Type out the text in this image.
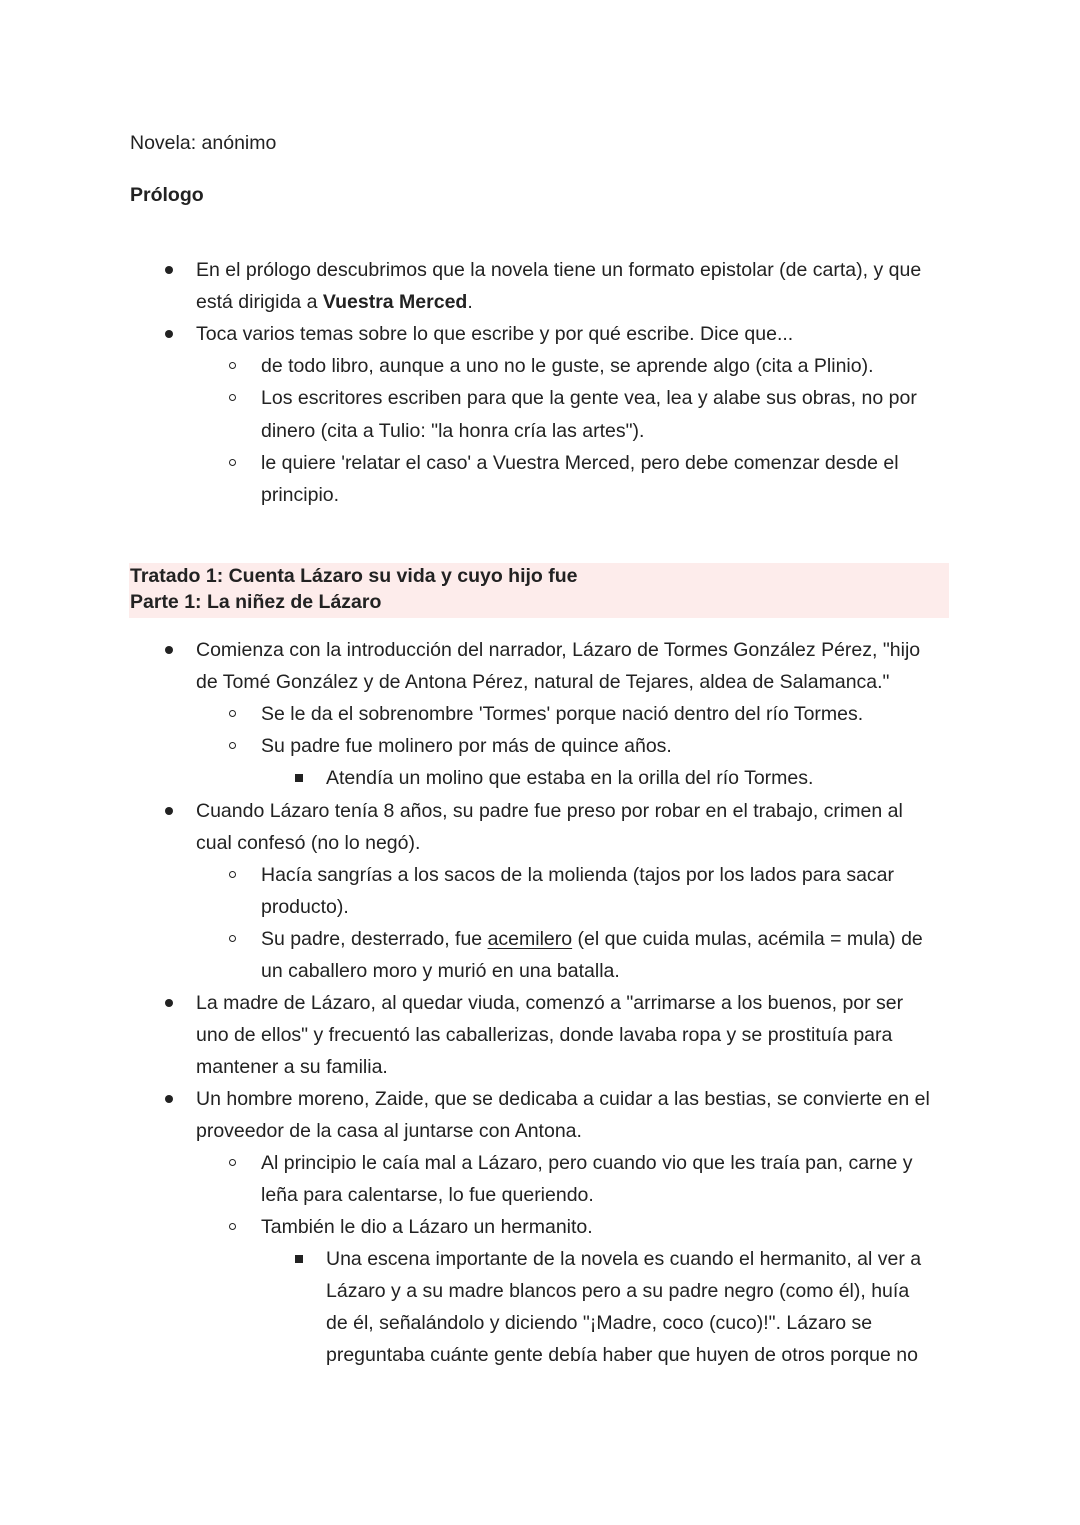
Novela: anónimo
Prólogo
En el prólogo descubrimos que la novela tiene un formato epistolar (de carta), y que
está dirigida a Vuestra Merced.
Toca varios temas sobre lo que escribe y por qué escribe. Dice que...
de todo libro, aunque a uno no le guste, se aprende algo (cita a Plinio).
Los escritores escriben para que la gente vea, lea y alabe sus obras, no por
dinero (cita a Tulio: "la honra cría las artes").
le quiere 'relatar el caso' a Vuestra Merced, pero debe comenzar desde el
principio.
Tratado 1: Cuenta Lázaro su vida y cuyo hijo fue
Parte 1: La niñez de Lázaro
Comienza con la introducción del narrador, Lázaro de Tormes González Pérez, "hijo
de Tomé González y de Antona Pérez, natural de Tejares, aldea de Salamanca."
Se le da el sobrenombre 'Tormes' porque nació dentro del río Tormes.
Su padre fue molinero por más de quince años.
Atendía un molino que estaba en la orilla del río Tormes.
Cuando Lázaro tenía 8 años, su padre fue preso por robar en el trabajo, crimen al
cual confesó (no lo negó).
Hacía sangrías a los sacos de la molienda (tajos por los lados para sacar
producto).
Su padre, desterrado, fue acemilero (el que cuida mulas, acémila = mula) de
un caballero moro y murió en una batalla.
La madre de Lázaro, al quedar viuda, comenzó a "arrimarse a los buenos, por ser
uno de ellos" y frecuentó las caballerizas, donde lavaba ropa y se prostituía para
mantener a su familia.
Un hombre moreno, Zaide, que se dedicaba a cuidar a las bestias, se convierte en el
proveedor de la casa al juntarse con Antona.
Al principio le caía mal a Lázaro, pero cuando vio que les traía pan, carne y
leña para calentarse, lo fue queriendo.
También le dio a Lázaro un hermanito.
Una escena importante de la novela es cuando el hermanito, al ver a
Lázaro y a su madre blancos pero a su padre negro (como él), huía
de él, señalándolo y diciendo "¡Madre, coco (cuco)!". Lázaro se
preguntaba cuánte gente debía haber que huyen de otros porque no
